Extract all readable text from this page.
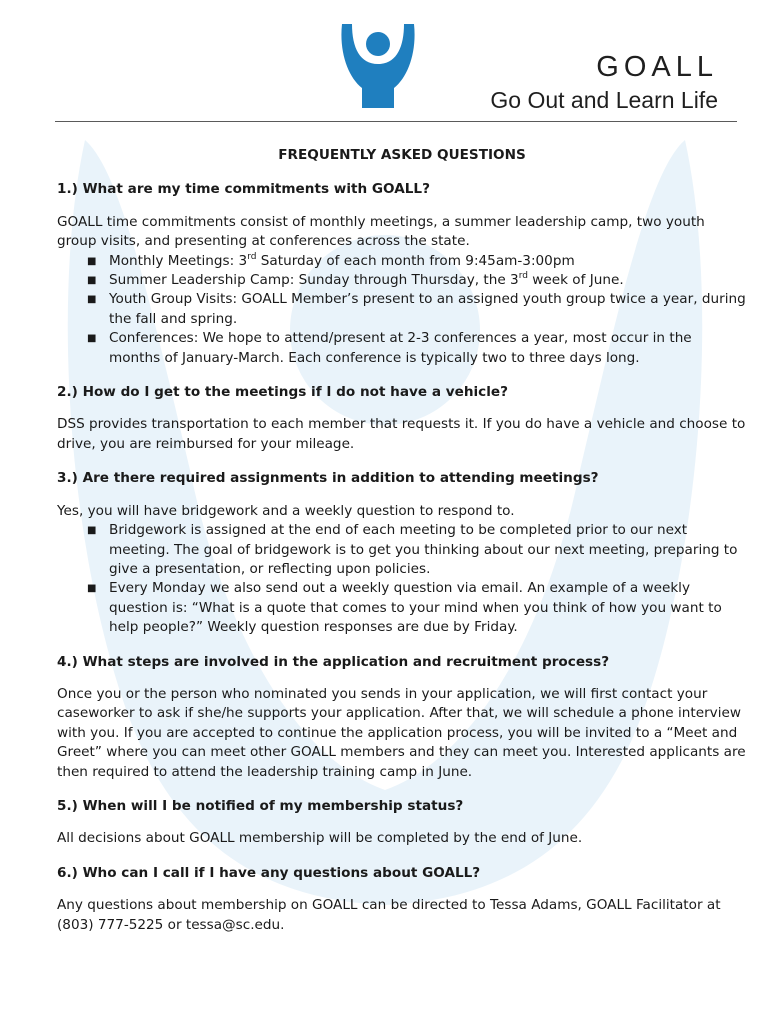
GOALL
Go Out and Learn Life
FREQUENTLY ASKED QUESTIONS
1.) What are my time commitments with GOALL?

GOALL time commitments consist of monthly meetings, a summer leadership camp, two youth group visits, and presenting at conferences across the state.

■ Monthly Meetings: 3rd Saturday of each month from 9:45am-3:00pm
■ Summer Leadership Camp: Sunday through Thursday, the 3rd week of June.
■ Youth Group Visits: GOALL Member’s present to an assigned youth group twice a year, during the fall and spring.
■ Conferences: We hope to attend/present at 2-3 conferences a year, most occur in the months of January-March. Each conference is typically two to three days long.
2.) How do I get to the meetings if I do not have a vehicle?

DSS provides transportation to each member that requests it. If you do have a vehicle and choose to drive, you are reimbursed for your mileage.

3.) Are there required assignments in addition to attending meetings?

Yes, you will have bridgework and a weekly question to respond to.

■ Bridgework is assigned at the end of each meeting to be completed prior to our next meeting. The goal of bridgework is to get you thinking about our next meeting, preparing to give a presentation, or reflecting upon policies.
■ Every Monday we also send out a weekly question via email. An example of a weekly question is: “What is a quote that comes to your mind when you think of how you want to help people?” Weekly question responses are due by Friday.
4.) What steps are involved in the application and recruitment process?

Once you or the person who nominated you sends in your application, we will first contact your caseworker to ask if she/he supports your application. After that, we will schedule a phone interview with you. If you are accepted to continue the application process, you will be invited to a “Meet and Greet” where you can meet other GOALL members and they can meet you. Interested applicants are then required to attend the leadership training camp in June.

5.) When will I be notified of my membership status?

All decisions about GOALL membership will be completed by the end of June.

6.) Who can I call if I have any questions about GOALL?

Any questions about membership on GOALL can be directed to Tessa Adams, GOALL Facilitator at (803) 777-5225 or tessa@sc.edu.
